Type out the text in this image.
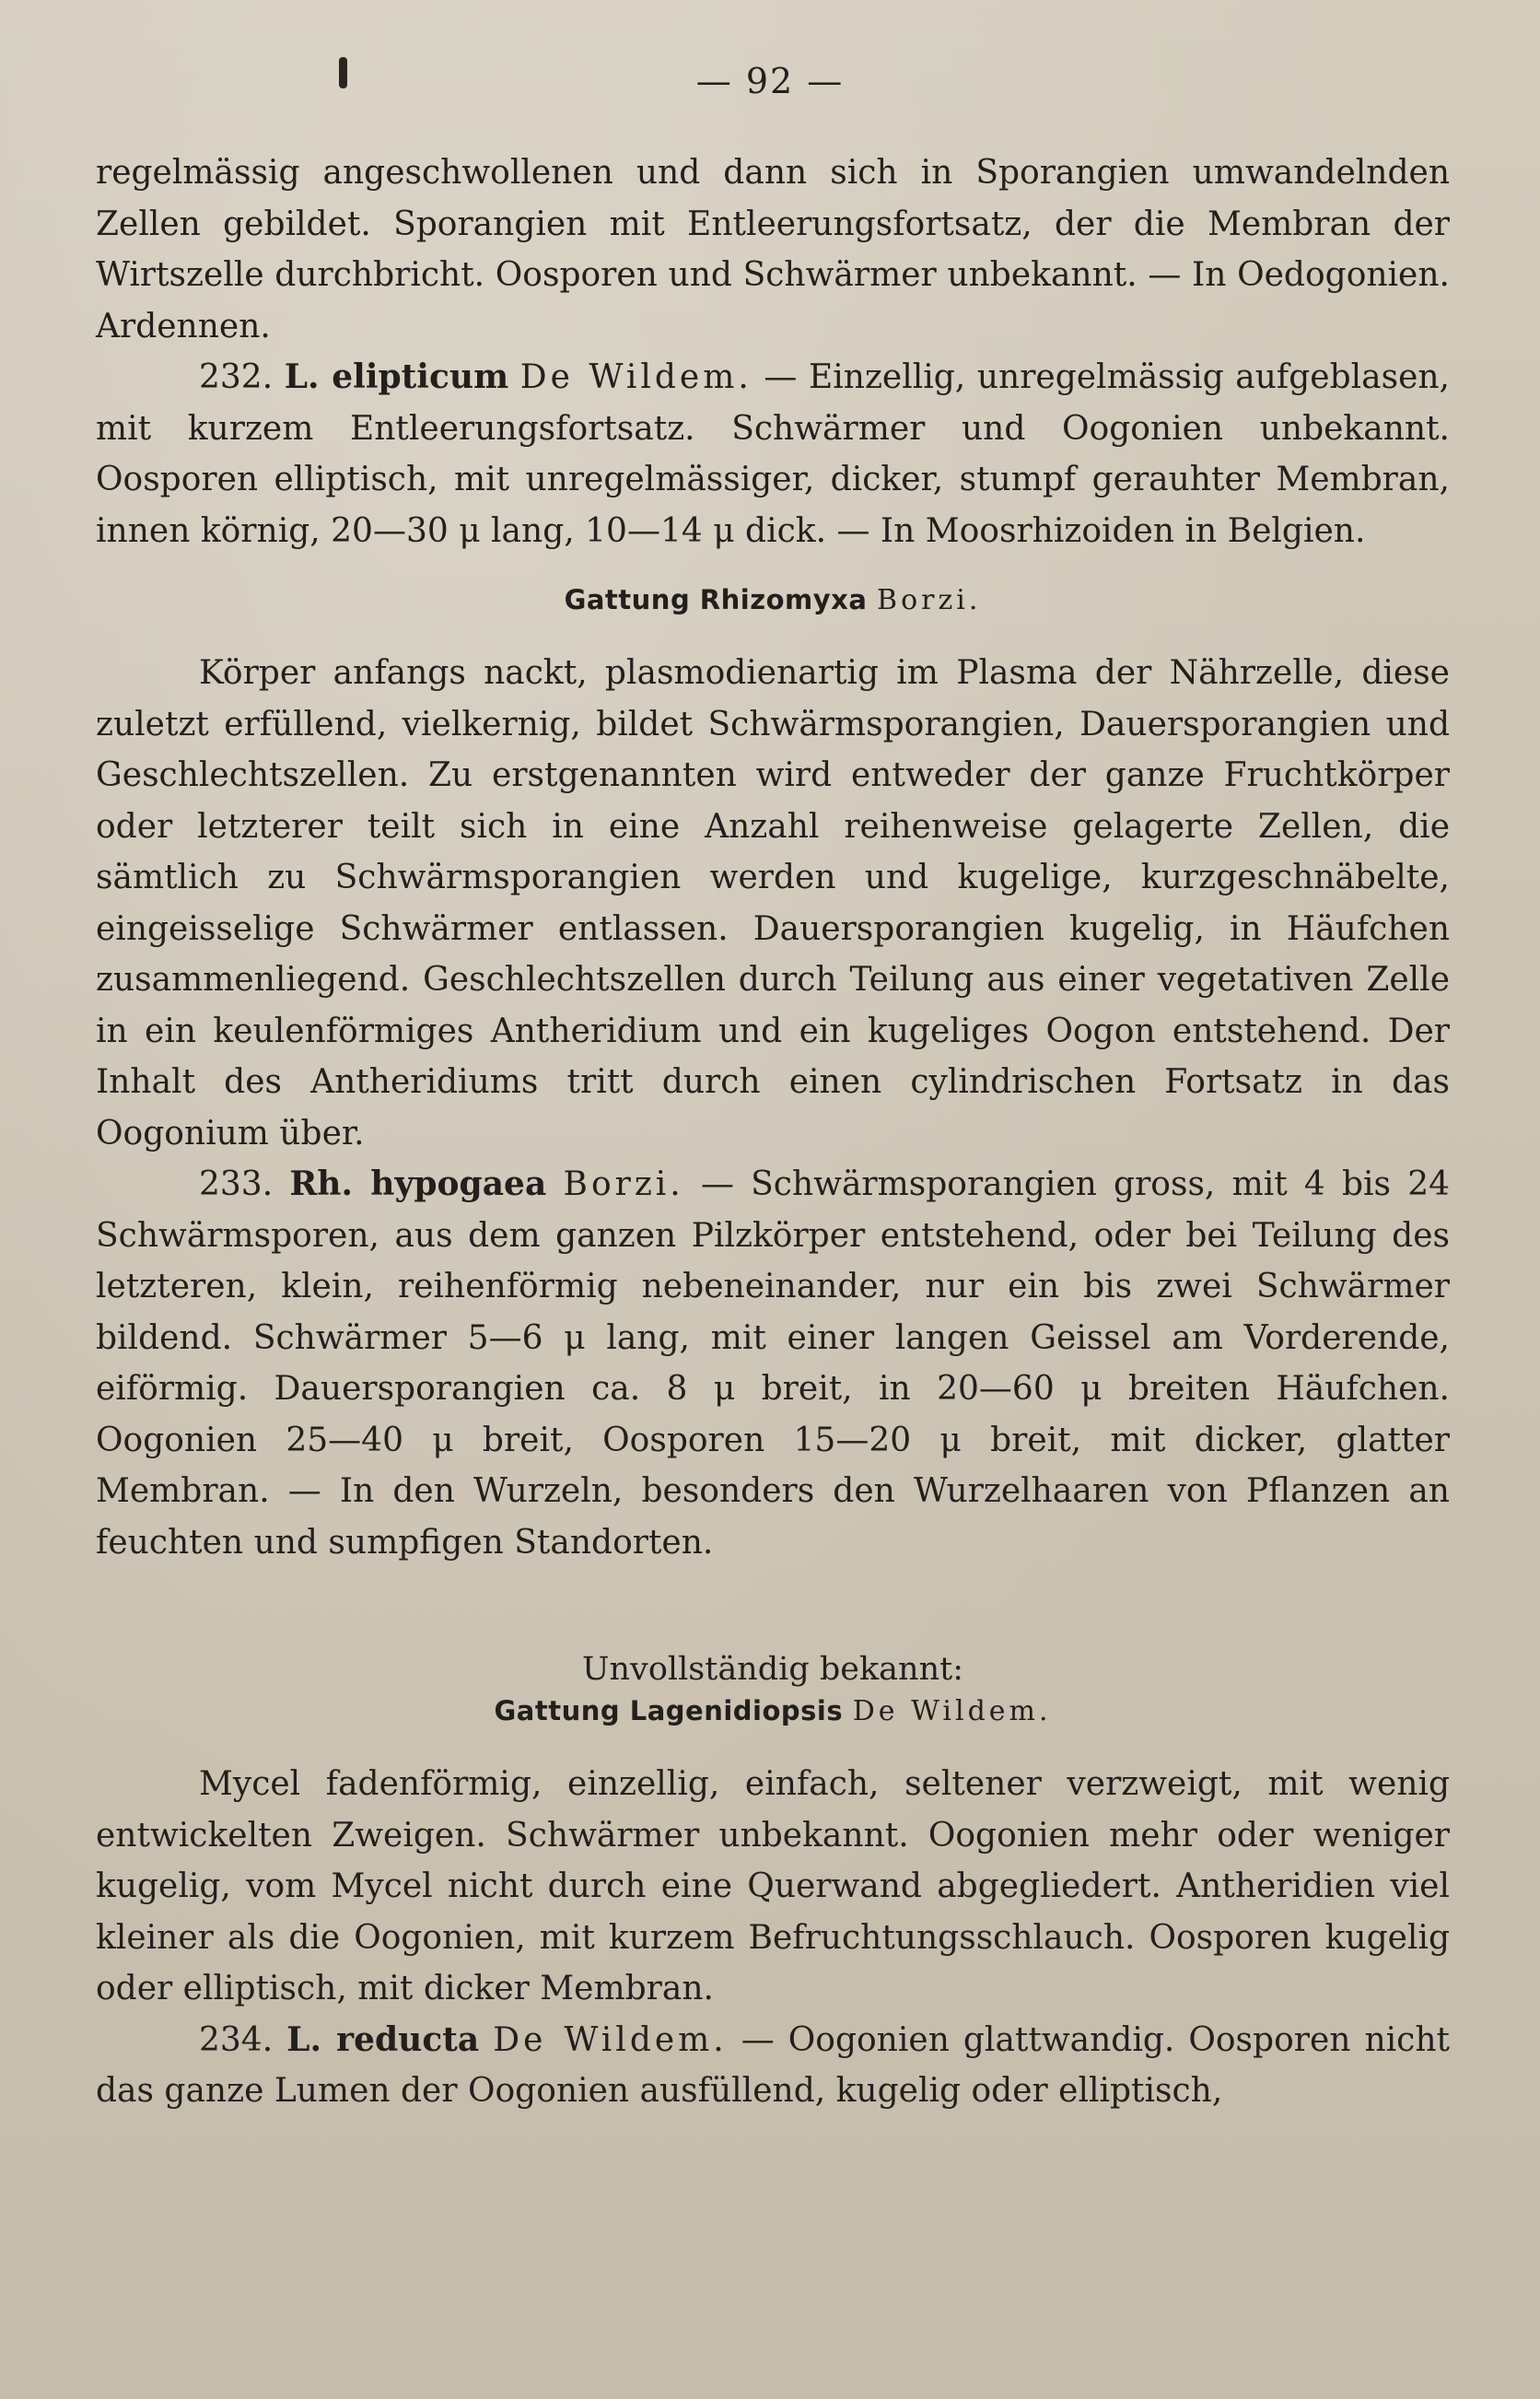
— 92 —

regelmässig angeschwollenen und dann sich in Sporangien umwandelnden Zellen gebildet. Sporangien mit Entleerungsfortsatz, der die Membran der Wirtszelle durchbricht. Oosporen und Schwärmer unbekannt. — In Oedogonien. Ardennen.

232. L. elipticum De Wildem. — Einzellig, unregelmässig aufgeblasen, mit kurzem Entleerungsfortsatz. Schwärmer und Oogonien unbekannt. Oosporen elliptisch, mit unregelmässiger, dicker, stumpf gerauhter Membran, innen körnig, 20—30 μ lang, 10—14 μ dick. — In Moosrhizoiden in Belgien.

Gattung Rhizomyxa Borzi.

Körper anfangs nackt, plasmodienartig im Plasma der Nährzelle, diese zuletzt erfüllend, vielkernig, bildet Schwärmsporangien, Dauersporangien und Geschlechtszellen. Zu erstgenannten wird entweder der ganze Fruchtkörper oder letzterer teilt sich in eine Anzahl reihenweise gelagerte Zellen, die sämtlich zu Schwärmsporangien werden und kugelige, kurzgeschnäbelte, eingeisselige Schwärmer entlassen. Dauersporangien kugelig, in Häufchen zusammenliegend. Geschlechtszellen durch Teilung aus einer vegetativen Zelle in ein keulenförmiges Antheridium und ein kugeliges Oogon entstehend. Der Inhalt des Antheridiums tritt durch einen cylindrischen Fortsatz in das Oogonium über.

233. Rh. hypogaea Borzi. — Schwärmsporangien gross, mit 4 bis 24 Schwärmsporen, aus dem ganzen Pilzkörper entstehend, oder bei Teilung des letzteren, klein, reihenförmig nebeneinander, nur ein bis zwei Schwärmer bildend. Schwärmer 5—6 μ lang, mit einer langen Geissel am Vorderende, eiförmig. Dauersporangien ca. 8 μ breit, in 20—60 μ breiten Häufchen. Oogonien 25—40 μ breit, Oosporen 15—20 μ breit, mit dicker, glatter Membran. — In den Wurzeln, besonders den Wurzelhaaren von Pflanzen an feuchten und sumpfigen Standorten.

Unvollständig bekannt:
Gattung Lagenidiopsis De Wildem.

Mycel fadenförmig, einzellig, einfach, seltener verzweigt, mit wenig entwickelten Zweigen. Schwärmer unbekannt. Oogonien mehr oder weniger kugelig, vom Mycel nicht durch eine Querwand abgegliedert. Antheridien viel kleiner als die Oogonien, mit kurzem Befruchtungsschlauch. Oosporen kugelig oder elliptisch, mit dicker Membran.

234. L. reducta De Wildem. — Oogonien glattwandig. Oosporen nicht das ganze Lumen der Oogonien ausfüllend, kugelig oder elliptisch,
